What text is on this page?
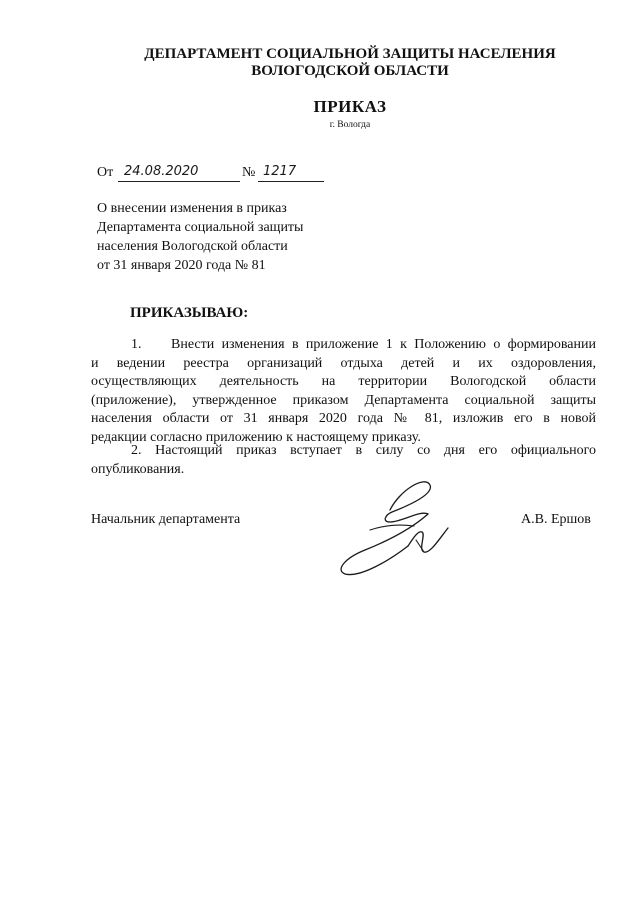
ДЕПАРТАМЕНТ СОЦИАЛЬНОЙ ЗАЩИТЫ НАСЕЛЕНИЯ
ВОЛОГОДСКОЙ ОБЛАСТИ
ПРИКАЗ
г. Вологда
От 24.08.2020	№ 1217
О внесении изменения в приказ
Департамента социальной защиты
населения Вологодской области
от 31 января 2020 года № 81
ПРИКАЗЫВАЮ:
1. Внести изменения в приложение 1 к Положению о формировании
и ведении реестра организаций отдыха детей и их оздоровления,
осуществляющих деятельность на территории Вологодской области
(приложение), утвержденное приказом Департамента социальной защиты
населения области от 31 января 2020 года № 81, изложив его в новой
редакции согласно приложению к настоящему приказу.
2. Настоящий приказ вступает в силу со дня его официального
опубликования.
Начальник департамента	А.В. Ершов
